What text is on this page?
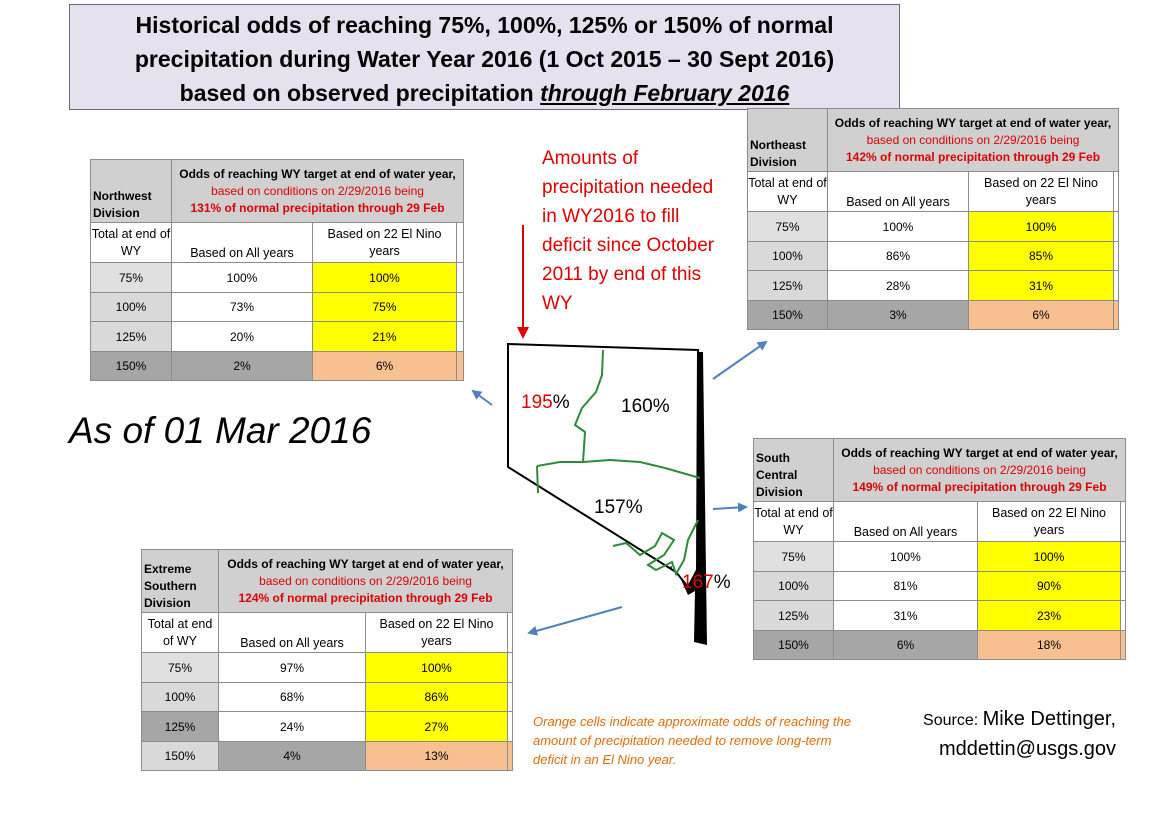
Historical odds of reaching 75%, 100%, 125% or 150% of normal
precipitation during Water Year 2016 (1 Oct 2015 – 30 Sept 2016)
based on observed precipitation through February 2016
195%	160%
157%
'
167%
Amounts of precipitation needed in WY2016 to fill deficit since October 2011 by end of this WY
As of 01 Mar 2016
Northwest Division	Odds of reaching WY target at end of water year, based on conditions on 2/29/2016 being
131% of normal precipitation through 29 Feb		
Total at end of WY	Based on All years	Based on 22 El Nino years	
75%	100%	100%	
100%	73%	75%	
125%	20%	21%	
150%	2%	6%	
Northeast Division	Odds of reaching WY target at end of water year, based on conditions on 2/29/2016 being
142% of normal precipitation through 29 Feb		
Total at end of WY	Based on All years	Based on 22 El Nino years	
75%	100%	100%	
100%	86%	85%	
125%	28%	31%	
150%	3%	6%	
South Central Division	Odds of reaching WY target at end of water year, based on conditions on 2/29/2016 being
149% of normal precipitation through 29 Feb		
Total at end of WY	Based on All years	Based on 22 El Nino years	
75%	100%	100%	
100%	81%	90%	
125%	31%	23%	
150%	6%	18%	
Extreme Southern Division	Odds of reaching WY target at end of water year, based on conditions on 2/29/2016 being
124% of normal precipitation through 29 Feb		
Total at end of WY	Based on All years	Based on 22 El Nino years	
75%	97%	100%	
100%	68%	86%	
125%	24%	27%	
150%	4%	13%	
Orange cells indicate approximate odds of reaching the amount of precipitation needed to remove long-term deficit in an El Nino year.
Source: Mike Dettinger,
mddettin@usgs.gov
